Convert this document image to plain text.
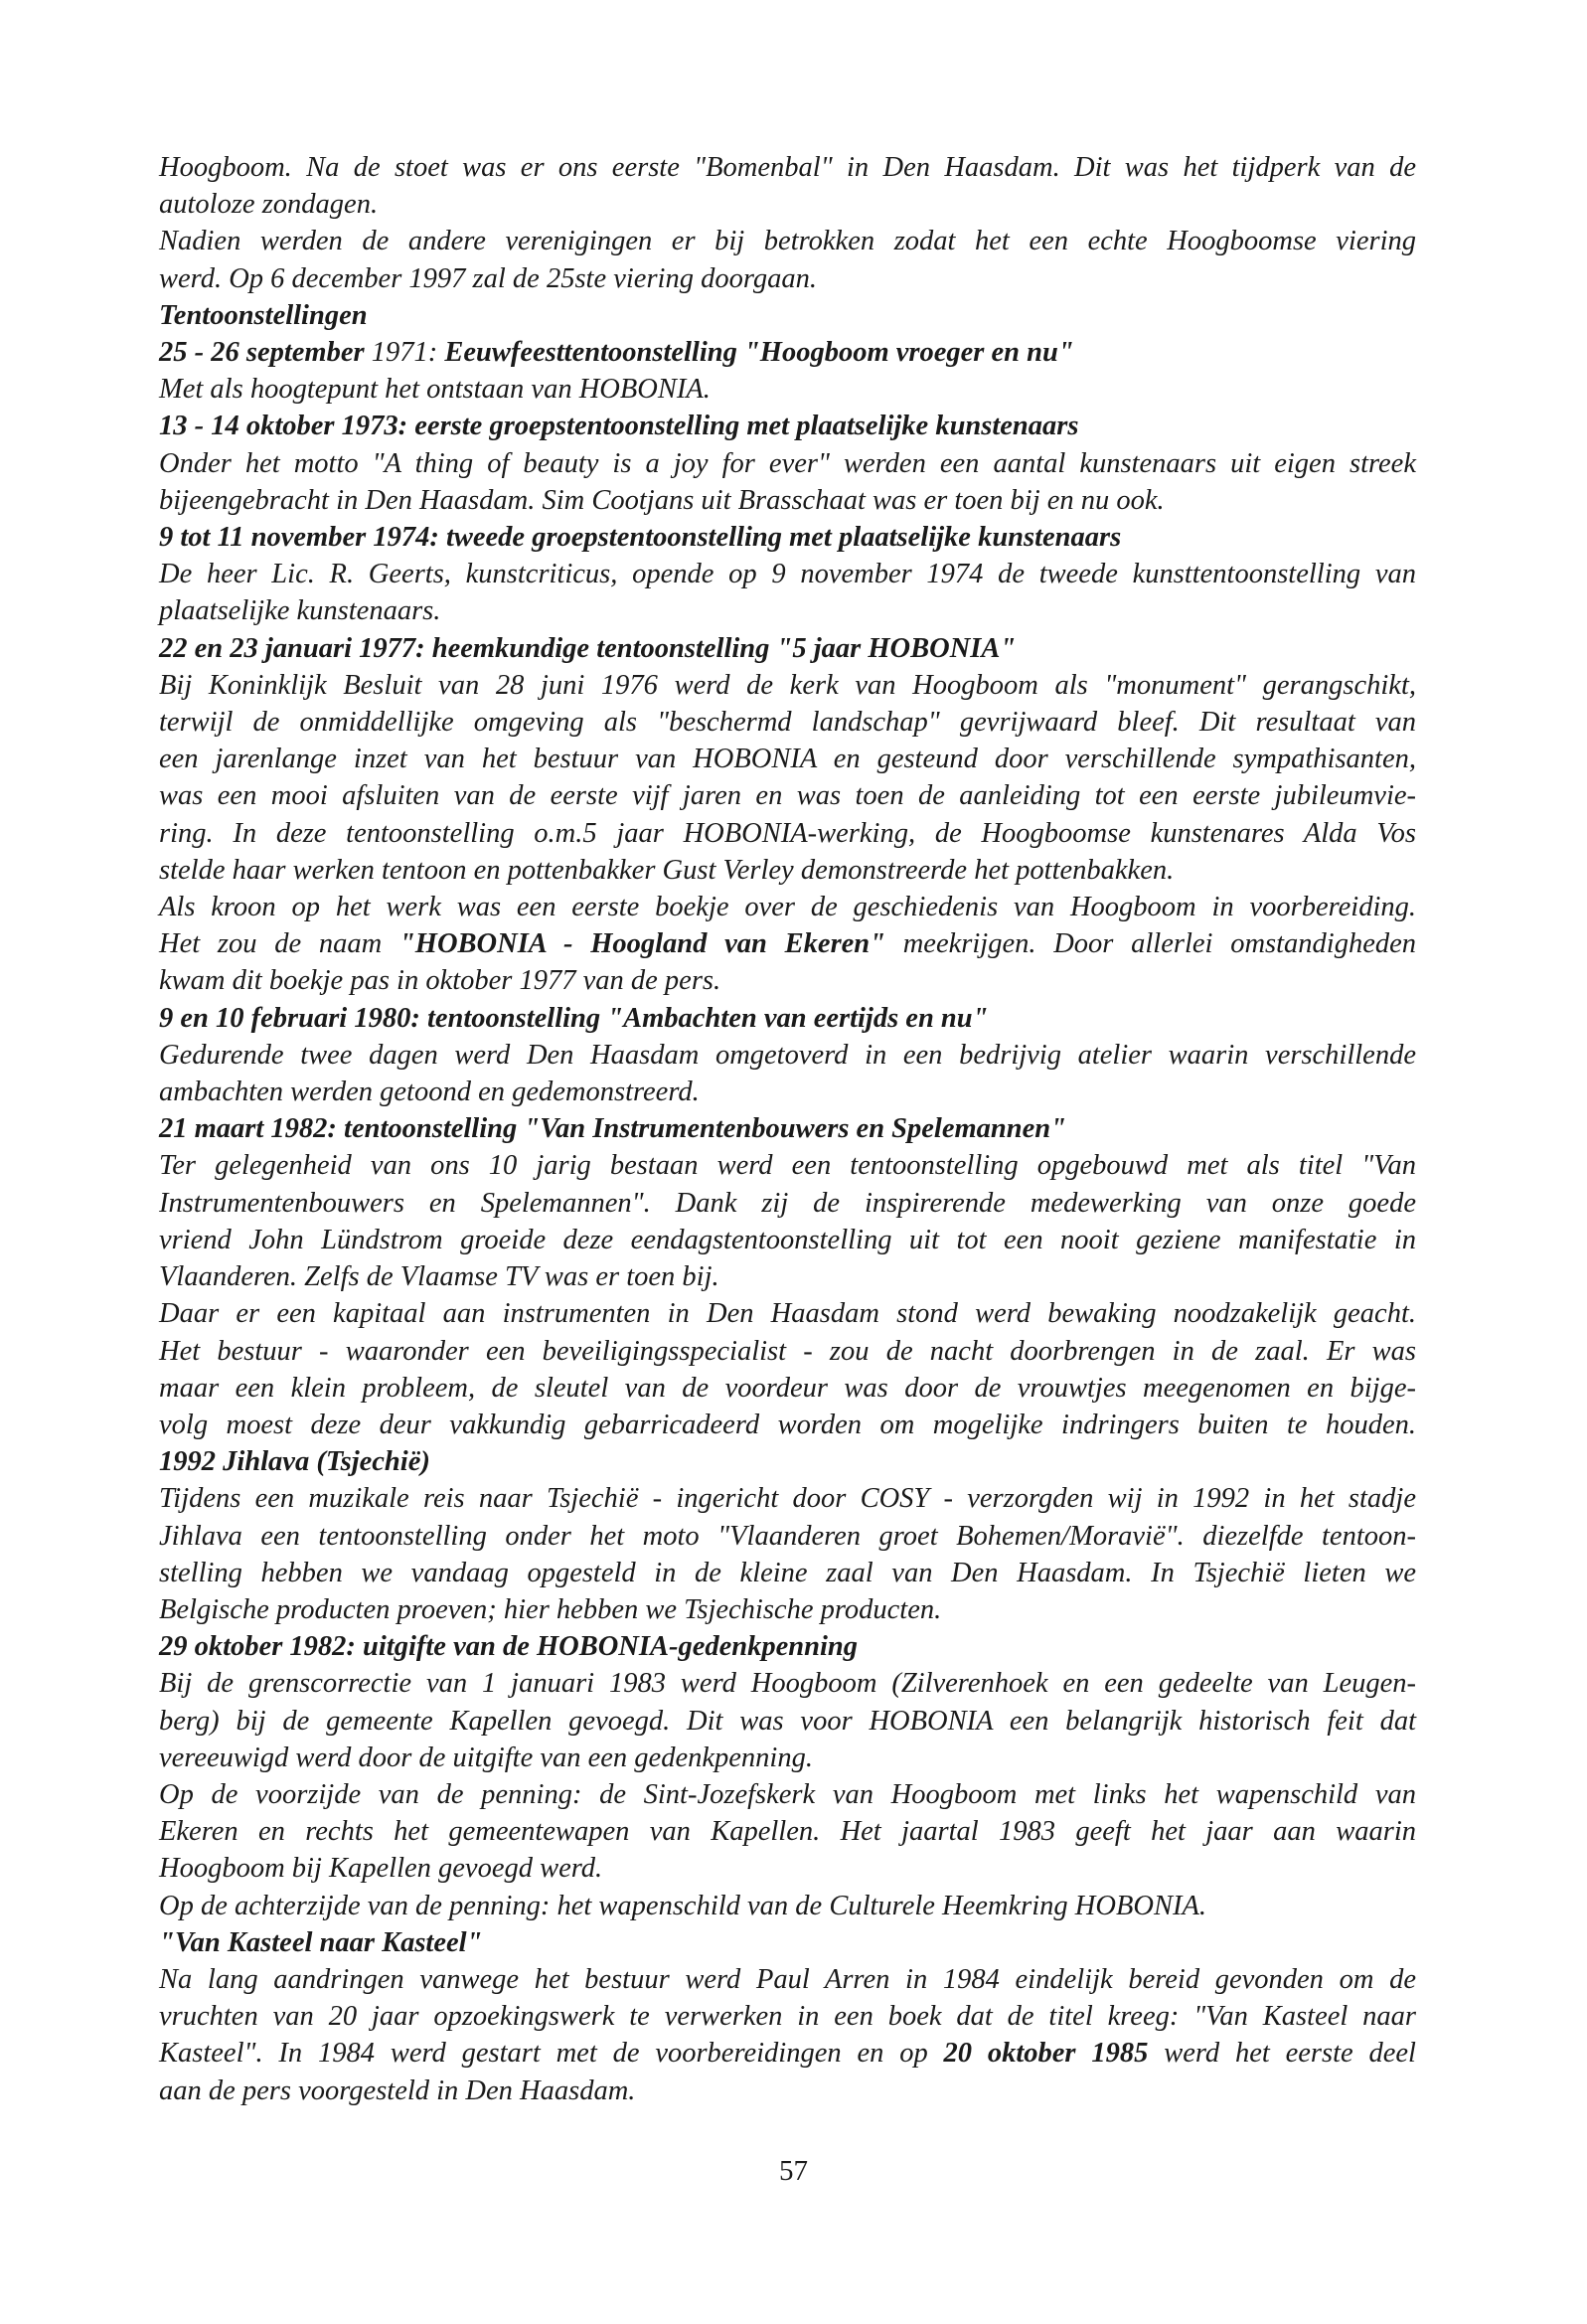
Hoogboom. Na de stoet was er ons eerste "Bomenbal" in Den Haasdam. Dit was het tijdperk van de

autoloze zondagen.

Nadien werden de andere verenigingen er bij betrokken zodat het een echte Hoogboomse viering

werd. Op 6 december 1997 zal de 25ste viering doorgaan.

Tentoonstellingen

25 - 26 september 1971: Eeuwfeesttentoonstelling "Hoogboom vroeger en nu"

Met als hoogtepunt het ontstaan van HOBONIA.

13 - 14 oktober 1973: eerste groepstentoonstelling met plaatselijke kunstenaars

Onder het motto "A thing of beauty is a joy for ever" werden een aantal kunstenaars uit eigen streek

bijeengebracht in Den Haasdam. Sim Cootjans uit Brasschaat was er toen bij en nu ook.

9 tot 11 november 1974: tweede groepstentoonstelling met plaatselijke kunstenaars

De heer Lic. R. Geerts, kunstcriticus, opende op 9 november 1974 de tweede kunsttentoonstelling van

plaatselijke kunstenaars.

22 en 23 januari 1977: heemkundige tentoonstelling "5 jaar HOBONIA"

Bij Koninklijk Besluit van 28 juni 1976 werd de kerk van Hoogboom als "monument" gerangschikt,

terwijl de onmiddellijke omgeving als "beschermd landschap" gevrijwaard bleef. Dit resultaat van

een jarenlange inzet van het bestuur van HOBONIA en gesteund door verschillende sympathisanten,

was een mooi afsluiten van de eerste vijf jaren en was toen de aanleiding tot een eerste jubileumvie-

ring. In deze tentoonstelling o.m.5 jaar HOBONIA-werking, de Hoogboomse kunstenares Alda Vos

stelde haar werken tentoon en pottenbakker Gust Verley demonstreerde het pottenbakken.

Als kroon op het werk was een eerste boekje over de geschiedenis van Hoogboom in voorbereiding.

Het zou de naam "HOBONIA - Hoogland van Ekeren" meekrijgen. Door allerlei omstandigheden

kwam dit boekje pas in oktober 1977 van de pers.

9 en 10 februari 1980: tentoonstelling "Ambachten van eertijds en nu"

Gedurende twee dagen werd Den Haasdam omgetoverd in een bedrijvig atelier waarin verschillende

ambachten werden getoond en gedemonstreerd.

21 maart 1982: tentoonstelling "Van Instrumentenbouwers en Spelemannen"

Ter gelegenheid van ons 10 jarig bestaan werd een tentoonstelling opgebouwd met als titel "Van

Instrumentenbouwers en Spelemannen". Dank zij de inspirerende medewerking van onze goede

vriend John Lündstrom groeide deze eendagstentoonstelling uit tot een nooit geziene manifestatie in

Vlaanderen. Zelfs de Vlaamse TV was er toen bij.

Daar er een kapitaal aan instrumenten in Den Haasdam stond werd bewaking noodzakelijk geacht.

Het bestuur - waaronder een beveiligingsspecialist - zou de nacht doorbrengen in de zaal. Er was

maar een klein probleem, de sleutel van de voordeur was door de vrouwtjes meegenomen en bijge-

volg moest deze deur vakkundig gebarricadeerd worden om mogelijke indringers buiten te houden.

1992 Jihlava (Tsjechië)

Tijdens een muzikale reis naar Tsjechië - ingericht door COSY - verzorgden wij in 1992 in het stadje

Jihlava een tentoonstelling onder het moto "Vlaanderen groet Bohemen/Moravië". diezelfde tentoon-

stelling hebben we vandaag opgesteld in de kleine zaal van Den Haasdam. In Tsjechië lieten we

Belgische producten proeven; hier hebben we Tsjechische producten.

29 oktober 1982: uitgifte van de HOBONIA-gedenkpenning

Bij de grenscorrectie van 1 januari 1983 werd Hoogboom (Zilverenhoek en een gedeelte van Leugen-

berg) bij de gemeente Kapellen gevoegd. Dit was voor HOBONIA een belangrijk historisch feit dat

vereeuwigd werd door de uitgifte van een gedenkpenning.

Op de voorzijde van de penning: de Sint-Jozefskerk van Hoogboom met links het wapenschild van

Ekeren en rechts het gemeentewapen van Kapellen. Het jaartal 1983 geeft het jaar aan waarin

Hoogboom bij Kapellen gevoegd werd.

Op de achterzijde van de penning: het wapenschild van de Culturele Heemkring HOBONIA.

"Van Kasteel naar Kasteel"

Na lang aandringen vanwege het bestuur werd Paul Arren in 1984 eindelijk bereid gevonden om de

vruchten van 20 jaar opzoekingswerk te verwerken in een boek dat de titel kreeg: "Van Kasteel naar

Kasteel". In 1984 werd gestart met de voorbereidingen en op 20 oktober 1985 werd het eerste deel

aan de pers voorgesteld in Den Haasdam.

57
